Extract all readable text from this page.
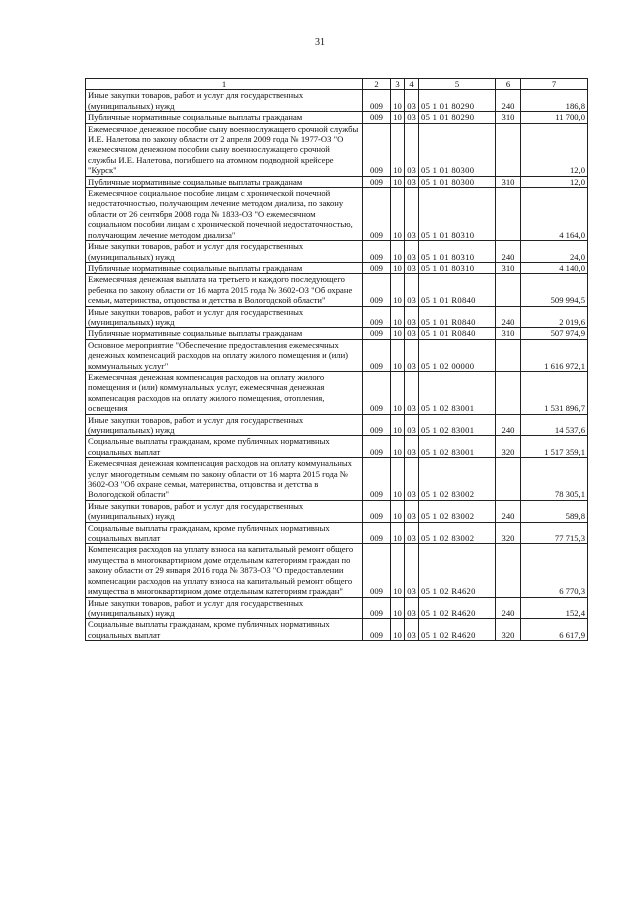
31
1	2	3	4	5	6	7
Иные закупки товаров, работ и услуг для государственных (муниципальных) нужд	009	10	03	05 1 01 80290	240	186,8
Публичные нормативные социальные выплаты гражданам	009	10	03	05 1 01 80290	310	11 700,0
Ежемесячное денежное пособие сыну военнослужащего срочной службы И.Е. Налетова по закону области от 2 апреля 2009 года № 1977-ОЗ "О ежемесячном денежном пособии сыну военнослужащего срочной службы И.Е. Налетова, погибшего на атомном подводной крейсере "Курск"	009	10	03	05 1 01 80300		12,0
Публичные нормативные социальные выплаты гражданам	009	10	03	05 1 01 80300	310	12,0
Ежемесячное социальное пособие лицам с хронической почечной недостаточностью, получающим лечение методом диализа, по закону области от 26 сентября 2008 года № 1833-ОЗ "О ежемесячном социальном пособии лицам с хронической почечной недостаточностью, получающим лечение методом диализа"	009	10	03	05 1 01 80310		4 164,0
Иные закупки товаров, работ и услуг для государственных (муниципальных) нужд	009	10	03	05 1 01 80310	240	24,0
Публичные нормативные социальные выплаты гражданам	009	10	03	05 1 01 80310	310	4 140,0
Ежемесячная денежная выплата на третьего и каждого последующего ребенка по закону области от 16 марта 2015 года № 3602-ОЗ "Об охране семьи, материнства, отцовства и детства в Вологодской области"	009	10	03	05 1 01 R0840		509 994,5
Иные закупки товаров, работ и услуг для государственных (муниципальных) нужд	009	10	03	05 1 01 R0840	240	2 019,6
Публичные нормативные социальные выплаты гражданам	009	10	03	05 1 01 R0840	310	507 974,9
Основное мероприятие "Обеспечение предоставления ежемесячных денежных компенсаций расходов на оплату жилого помещения и (или) коммунальных услуг"	009	10	03	05 1 02 00000		1 616 972,1
Ежемесячная денежная компенсация расходов на оплату жилого помещения и (или) коммунальных услуг, ежемесячная денежная компенсация расходов на оплату жилого помещения, отопления, освещения	009	10	03	05 1 02 83001		1 531 896,7
Иные закупки товаров, работ и услуг для государственных (муниципальных) нужд	009	10	03	05 1 02 83001	240	14 537,6
Социальные выплаты гражданам, кроме публичных нормативных социальных выплат	009	10	03	05 1 02 83001	320	1 517 359,1
Ежемесячная денежная компенсация расходов на оплату коммунальных услуг многодетным семьям по закону области от 16 марта 2015 года № 3602-ОЗ "Об охране семьи, материнства, отцовства и детства в Вологодской области"	009	10	03	05 1 02 83002		78 305,1
Иные закупки товаров, работ и услуг для государственных (муниципальных) нужд	009	10	03	05 1 02 83002	240	589,8
Социальные выплаты гражданам, кроме публичных нормативных социальных выплат	009	10	03	05 1 02 83002	320	77 715,3
Компенсация расходов на уплату взноса на капитальный ремонт общего имущества в многоквартирном доме отдельным категориям граждан по закону области от 29 января 2016 года № 3873-ОЗ "О предоставлении компенсации расходов на уплату взноса на капитальный ремонт общего имущества в многоквартирном доме отдельным категориям граждан"	009	10	03	05 1 02 R4620		6 770,3
Иные закупки товаров, работ и услуг для государственных (муниципальных) нужд	009	10	03	05 1 02 R4620	240	152,4
Социальные выплаты гражданам, кроме публичных нормативных социальных выплат	009	10	03	05 1 02 R4620	320	6 617,9
